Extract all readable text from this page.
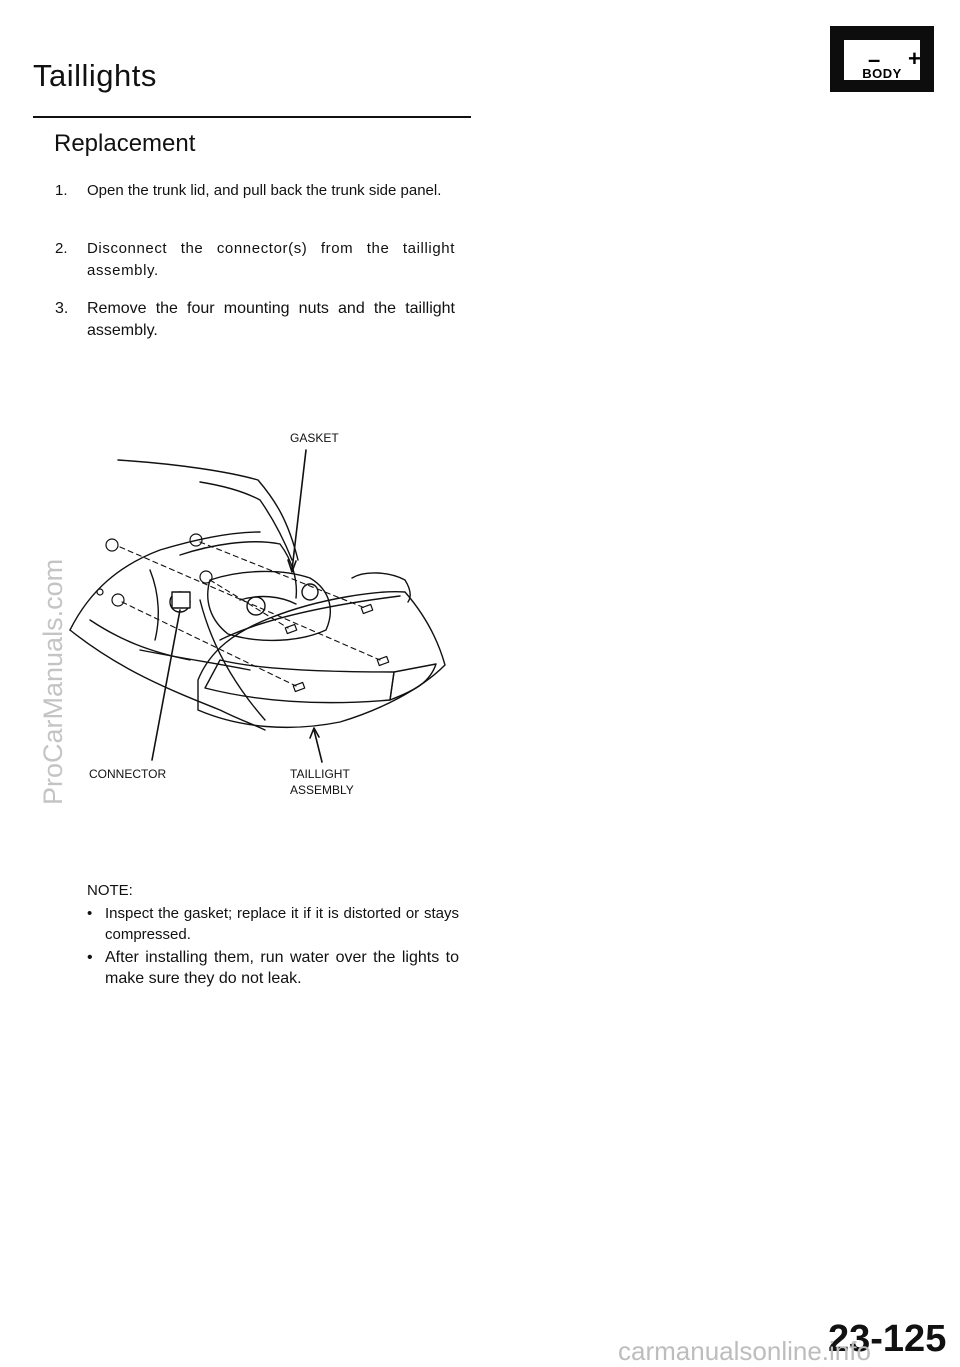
Taillights	– +
BODY
Replacement
1.	Open the trunk lid, and pull back the trunk side panel.
2.	Disconnect the connector(s) from the taillight assembly.
3.	Remove the four mounting nuts and the taillight assembly.
GASKET
CONNECTOR	TAILLIGHT
ASSEMBLY
NOTE:
• Inspect the gasket; replace it if it is distorted or stays compressed.
• After installing them, run water over the lights to make sure they do not leak.
ProCarManuals.com
23-125
carmanualsonline.info
